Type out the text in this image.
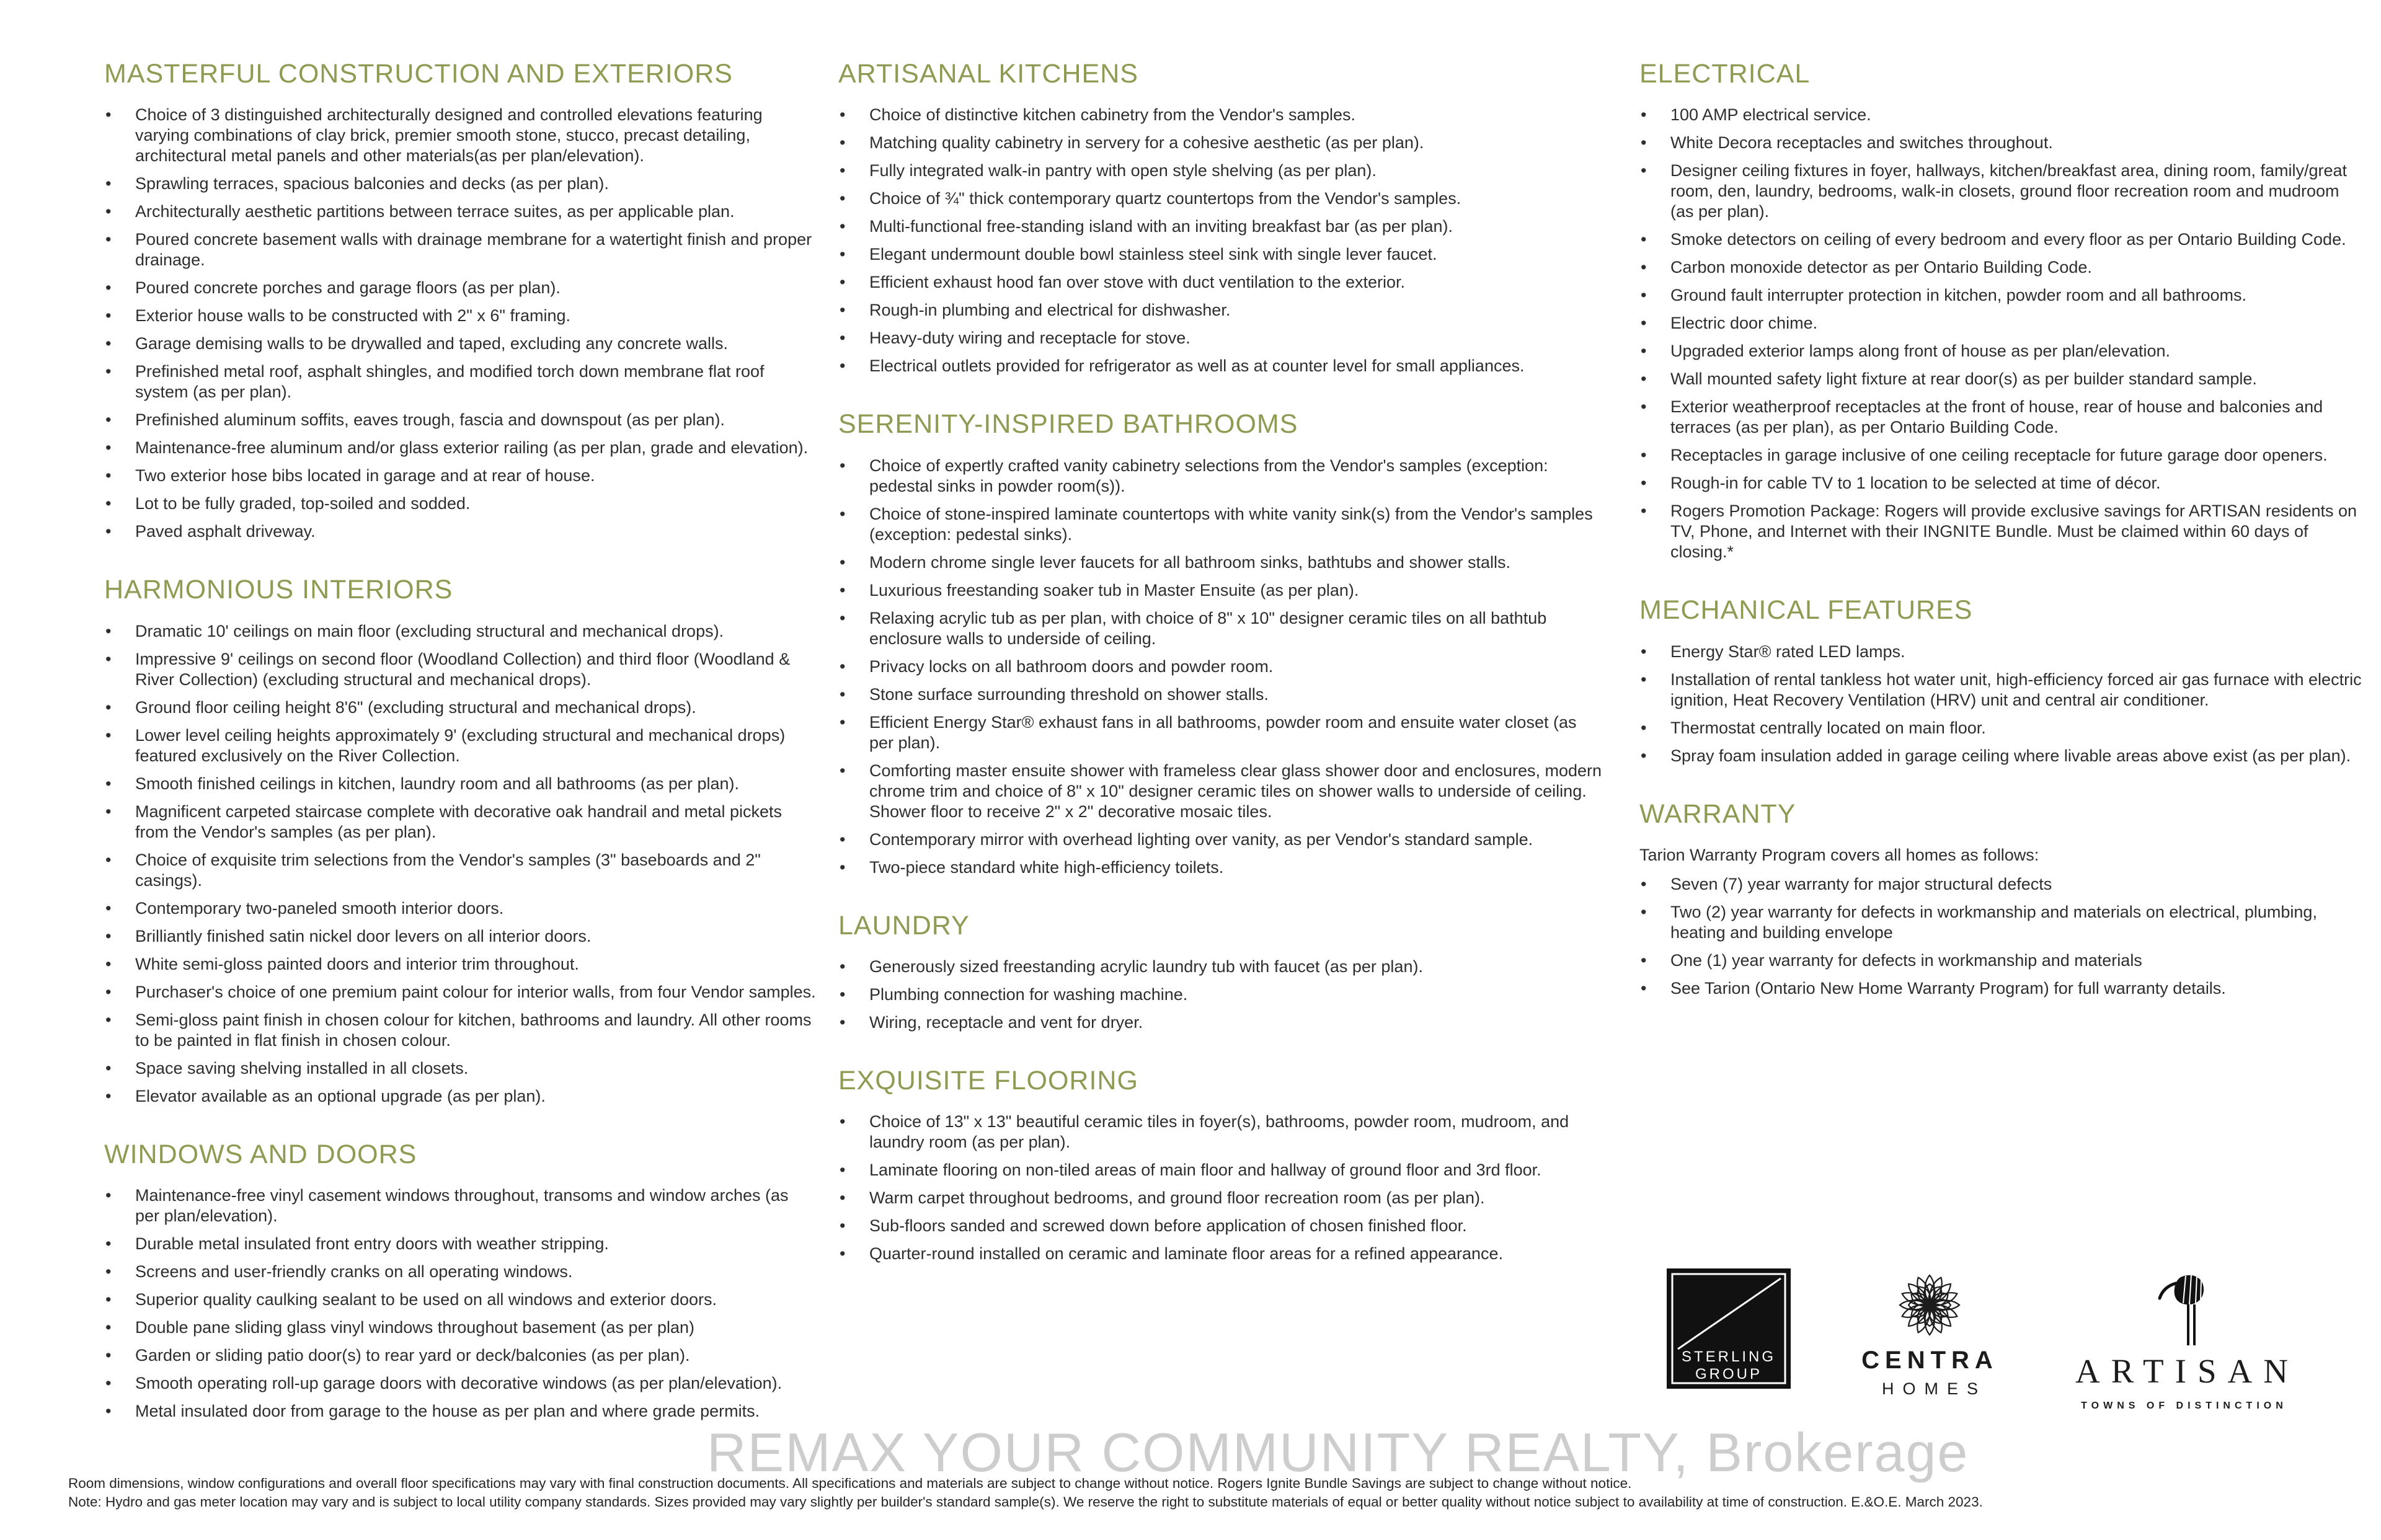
MASTERFUL CONSTRUCTION AND EXTERIORS
• Choice of 3 distinguished architecturally designed and controlled elevations featuring varying combinations of clay brick, premier smooth stone, stucco, precast detailing, architectural metal panels and other materials(as per plan/elevation).
• Sprawling terraces, spacious balconies and decks (as per plan).
• Architecturally aesthetic partitions between terrace suites, as per applicable plan.
• Poured concrete basement walls with drainage membrane for a watertight finish and proper drainage.
• Poured concrete porches and garage floors (as per plan).
• Exterior house walls to be constructed with 2" x 6" framing.
• Garage demising walls to be drywalled and taped, excluding any concrete walls.
• Prefinished metal roof, asphalt shingles, and modified torch down membrane flat roof system (as per plan).
• Prefinished aluminum soffits, eaves trough, fascia and downspout (as per plan).
• Maintenance-free aluminum and/or glass exterior railing (as per plan, grade and elevation).
• Two exterior hose bibs located in garage and at rear of house.
• Lot to be fully graded, top-soiled and sodded.
• Paved asphalt driveway.
HARMONIOUS INTERIORS
• Dramatic 10' ceilings on main floor (excluding structural and mechanical drops).
• Impressive 9' ceilings on second floor (Woodland Collection) and third floor (Woodland & River Collection) (excluding structural and mechanical drops).
• Ground floor ceiling height 8'6" (excluding structural and mechanical drops).
• Lower level ceiling heights approximately 9' (excluding structural and mechanical drops) featured exclusively on the River Collection.
• Smooth finished ceilings in kitchen, laundry room and all bathrooms (as per plan).
• Magnificent carpeted staircase complete with decorative oak handrail and metal pickets from the Vendor's samples (as per plan).
• Choice of exquisite trim selections from the Vendor's samples (3" baseboards and 2" casings).
• Contemporary two-paneled smooth interior doors.
• Brilliantly finished satin nickel door levers on all interior doors.
• White semi-gloss painted doors and interior trim throughout.
• Purchaser's choice of one premium paint colour for interior walls, from four Vendor samples.
• Semi-gloss paint finish in chosen colour for kitchen, bathrooms and laundry. All other rooms to be painted in flat finish in chosen colour.
• Space saving shelving installed in all closets.
• Elevator available as an optional upgrade (as per plan).
WINDOWS AND DOORS
• Maintenance-free vinyl casement windows throughout, transoms and window arches (as per plan/elevation).
• Durable metal insulated front entry doors with weather stripping.
• Screens and user-friendly cranks on all operating windows.
• Superior quality caulking sealant to be used on all windows and exterior doors.
• Double pane sliding glass vinyl windows throughout basement (as per plan)
• Garden or sliding patio door(s) to rear yard or deck/balconies (as per plan).
• Smooth operating roll-up garage doors with decorative windows (as per plan/elevation).
• Metal insulated door from garage to the house as per plan and where grade permits.
ARTISANAL KITCHENS
• Choice of distinctive kitchen cabinetry from the Vendor's samples.
• Matching quality cabinetry in servery for a cohesive aesthetic (as per plan).
• Fully integrated walk-in pantry with open style shelving (as per plan).
• Choice of ¾" thick contemporary quartz countertops from the Vendor's samples.
• Multi-functional free-standing island with an inviting breakfast bar (as per plan).
• Elegant undermount double bowl stainless steel sink with single lever faucet.
• Efficient exhaust hood fan over stove with duct ventilation to the exterior.
• Rough-in plumbing and electrical for dishwasher.
• Heavy-duty wiring and receptacle for stove.
• Electrical outlets provided for refrigerator as well as at counter level for small appliances.
SERENITY-INSPIRED BATHROOMS
• Choice of expertly crafted vanity cabinetry selections from the Vendor's samples (exception: pedestal sinks in powder room(s)).
• Choice of stone-inspired laminate countertops with white vanity sink(s) from the Vendor's samples (exception: pedestal sinks).
• Modern chrome single lever faucets for all bathroom sinks, bathtubs and shower stalls.
• Luxurious freestanding soaker tub in Master Ensuite (as per plan).
• Relaxing acrylic tub as per plan, with choice of 8" x 10" designer ceramic tiles on all bathtub enclosure walls to underside of ceiling.
• Privacy locks on all bathroom doors and powder room.
• Stone surface surrounding threshold on shower stalls.
• Efficient Energy Star® exhaust fans in all bathrooms, powder room and ensuite water closet (as per plan).
• Comforting master ensuite shower with frameless clear glass shower door and enclosures, modern chrome trim and choice of 8" x 10" designer ceramic tiles on shower walls to underside of ceiling. Shower floor to receive 2" x 2" decorative mosaic tiles.
• Contemporary mirror with overhead lighting over vanity, as per Vendor's standard sample.
• Two-piece standard white high-efficiency toilets.
LAUNDRY
• Generously sized freestanding acrylic laundry tub with faucet (as per plan).
• Plumbing connection for washing machine.
• Wiring, receptacle and vent for dryer.
EXQUISITE FLOORING
• Choice of 13" x 13" beautiful ceramic tiles in foyer(s), bathrooms, powder room, mudroom, and laundry room (as per plan).
• Laminate flooring on non-tiled areas of main floor and hallway of ground floor and 3rd floor.
• Warm carpet throughout bedrooms, and ground floor recreation room (as per plan).
• Sub-floors sanded and screwed down before application of chosen finished floor.
• Quarter-round installed on ceramic and laminate floor areas for a refined appearance.
ELECTRICAL
• 100 AMP electrical service.
• White Decora receptacles and switches throughout.
• Designer ceiling fixtures in foyer, hallways, kitchen/breakfast area, dining room, family/great room, den, laundry, bedrooms, walk-in closets, ground floor recreation room and mudroom (as per plan).
• Smoke detectors on ceiling of every bedroom and every floor as per Ontario Building Code.
• Carbon monoxide detector as per Ontario Building Code.
• Ground fault interrupter protection in kitchen, powder room and all bathrooms.
• Electric door chime.
• Upgraded exterior lamps along front of house as per plan/elevation.
• Wall mounted safety light fixture at rear door(s) as per builder standard sample.
• Exterior weatherproof receptacles at the front of house, rear of house and balconies and terraces (as per plan), as per Ontario Building Code.
• Receptacles in garage inclusive of one ceiling receptacle for future garage door openers.
• Rough-in for cable TV to 1 location to be selected at time of décor.
• Rogers Promotion Package: Rogers will provide exclusive savings for ARTISAN residents on TV, Phone, and Internet with their INGNITE Bundle. Must be claimed within 60 days of closing.*
MECHANICAL FEATURES
• Energy Star® rated LED lamps.
• Installation of rental tankless hot water unit, high-efficiency forced air gas furnace with electric ignition, Heat Recovery Ventilation (HRV) unit and central air conditioner.
• Thermostat centrally located on main floor.
• Spray foam insulation added in garage ceiling where livable areas above exist (as per plan).
WARRANTY

Tarion Warranty Program covers all homes as follows:

• Seven (7) year warranty for major structural defects
• Two (2) year warranty for defects in workmanship and materials on electrical, plumbing, heating and building envelope
• One (1) year warranty for defects in workmanship and materials
• See Tarion (Ontario New Home Warranty Program) for full warranty details.
REMAX YOUR COMMUNITY REALTY, Brokerage
Room dimensions, window configurations and overall floor specifications may vary with final construction documents. All specifications and materials are subject to change without notice. Rogers Ignite Bundle Savings are subject to change without notice.
Note: Hydro and gas meter location may vary and is subject to local utility company standards. Sizes provided may vary slightly per builder's standard sample(s). We reserve the right to substitute materials of equal or better quality without notice subject to availability at time of construction. E.&O.E. March 2023.
STERLING
GROUP
CENTRA
HOMES	ARTISAN
TOWNS OF DISTINCTION
